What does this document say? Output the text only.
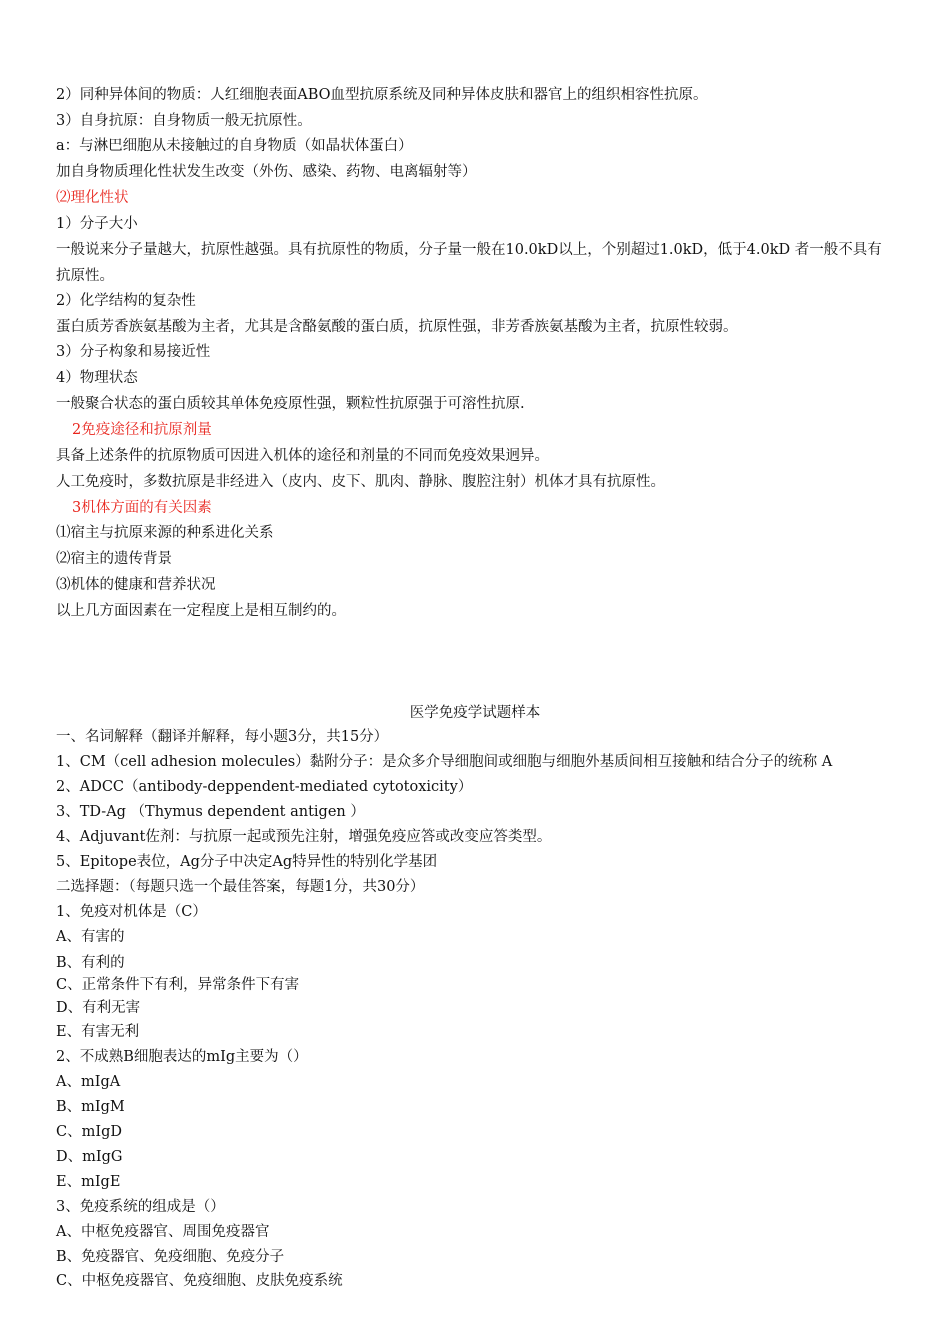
2）同种异体间的物质：人红细胞表面ABO血型抗原系统及同种异体皮肤和器官上的组织相容性抗原。
3）自身抗原：自身物质一般无抗原性。
a：与淋巴细胞从未接触过的自身物质（如晶状体蛋白）
加自身物质理化性状发生改变（外伤、感染、药物、电离辐射等）
⑵理化性状
1）分子大小
一般说来分子量越大，抗原性越强。具有抗原性的物质，分子量一般在10.0kD以上，个别超过1.0kD，低于4.0kD 者一般不具有抗原性。
2）化学结构的复杂性
蛋白质芳香族氨基酸为主者，尤其是含酪氨酸的蛋白质，抗原性强，非芳香族氨基酸为主者，抗原性较弱。
3）分子构象和易接近性
4）物理状态
一般聚合状态的蛋白质较其单体免疫原性强，颗粒性抗原强于可溶性抗原.
2免疫途径和抗原剂量
具备上述条件的抗原物质可因进入机体的途径和剂量的不同而免疫效果迥异。
人工免疫时，多数抗原是非经进入（皮内、皮下、肌肉、静脉、腹腔注射）机体才具有抗原性。
3机体方面的有关因素
⑴宿主与抗原来源的种系进化关系
⑵宿主的遗传背景
⑶机体的健康和营养状况
以上几方面因素在一定程度上是相互制约的。
医学免疫学试题样本
一、名词解释（翻译并解释，每小题3分，共15分）
1、CM（cell adhesion molecules）黏附分子：是众多介导细胞间或细胞与细胞外基质间相互接触和结合分子的统称 A
2、ADCC（antibody-deppendent-mediated cytotoxicity）
3、TD-Ag （Thymus dependent antigen ）
4、Adjuvant佐剂：与抗原一起或预先注射，增强免疫应答或改变应答类型。
5、Epitope表位，Ag分子中决定Ag特异性的特别化学基团
二选择题：（每题只选一个最佳答案，每题1分，共30分）
1、免疫对机体是（C）
A、有害的
B、有利的
C、正常条件下有利，异常条件下有害
D、有利无害
E、有害无利
2、不成熟B细胞表达的mIg主要为（）
A、mIgA
B、mIgM
C、mIgD
D、mIgG
E、mIgE
3、免疫系统的组成是（）
A、中枢免疫器官、周围免疫器官
B、免疫器官、免疫细胞、免疫分子
C、中枢免疫器官、免疫细胞、皮肤免疫系统
